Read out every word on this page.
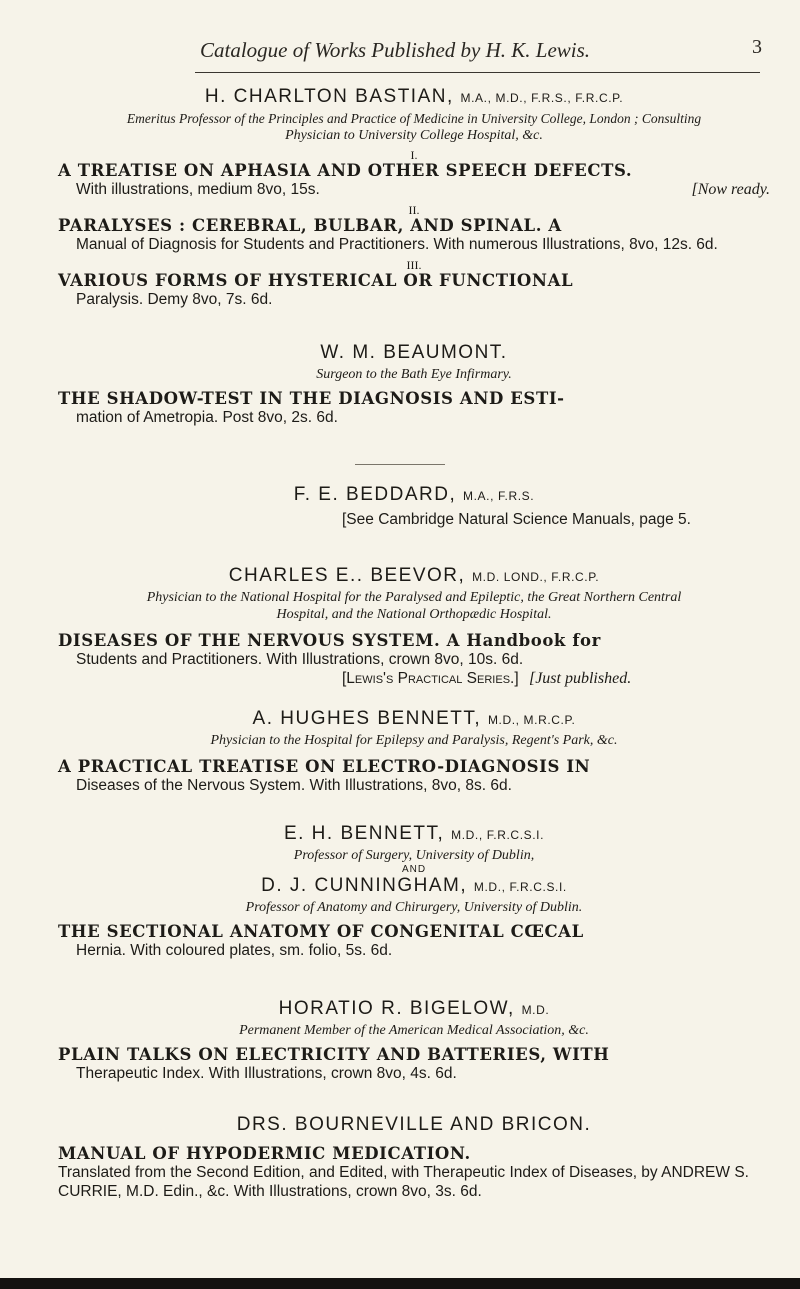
Catalogue of Works Published by H. K. Lewis.	3

H. CHARLTON BASTIAN, M.A., M.D., F.R.S., F.R.C.P.

Emeritus Professor of the Principles and Practice of Medicine in University College, London ; Consulting

Physician to University College Hospital, &c.

I.

A TREATISE ON APHASIA AND OTHER SPEECH DEFECTS.

With illustrations, medium 8vo, 15s.	[Now ready.

II.

PARALYSES : CEREBRAL, BULBAR, AND SPINAL. A

Manual of Diagnosis for Students and Practitioners. With numerous Illustrations, 8vo, 12s. 6d.

III.

VARIOUS FORMS OF HYSTERICAL OR FUNCTIONAL

Paralysis. Demy 8vo, 7s. 6d.

W. M. BEAUMONT.

Surgeon to the Bath Eye Infirmary.

THE SHADOW-TEST IN THE DIAGNOSIS AND ESTI-

mation of Ametropia. Post 8vo, 2s. 6d.

F. E. BEDDARD, M.A., F.R.S.

[See Cambridge Natural Science Manuals, page 5.

CHARLES E.. BEEVOR, M.D. LOND., F.R.C.P.

Physician to the National Hospital for the Paralysed and Epileptic, the Great Northern Central

Hospital, and the National Orthopædic Hospital.

DISEASES OF THE NERVOUS SYSTEM. A Handbook for

Students and Practitioners. With Illustrations, crown 8vo, 10s. 6d.

[Lewis's Practical Series.] [Just published.

A. HUGHES BENNETT, M.D., M.R.C.P.

Physician to the Hospital for Epilepsy and Paralysis, Regent's Park, &c.

A PRACTICAL TREATISE ON ELECTRO-DIAGNOSIS IN

Diseases of the Nervous System. With Illustrations, 8vo, 8s. 6d.

E. H. BENNETT, M.D., F.R.C.S.I.

Professor of Surgery, University of Dublin,

AND

D. J. CUNNINGHAM, M.D., F.R.C.S.I.

Professor of Anatomy and Chirurgery, University of Dublin.

THE SECTIONAL ANATOMY OF CONGENITAL CŒCAL

Hernia. With coloured plates, sm. folio, 5s. 6d.

HORATIO R. BIGELOW, M.D.

Permanent Member of the American Medical Association, &c.

PLAIN TALKS ON ELECTRICITY AND BATTERIES, WITH

Therapeutic Index. With Illustrations, crown 8vo, 4s. 6d.

DRS. BOURNEVILLE AND BRICON.

MANUAL OF HYPODERMIC MEDICATION.

Translated from the Second Edition, and Edited, with Therapeutic Index of Diseases, by ANDREW S. CURRIE, M.D. Edin., &c. With Illustrations, crown 8vo, 3s. 6d.
